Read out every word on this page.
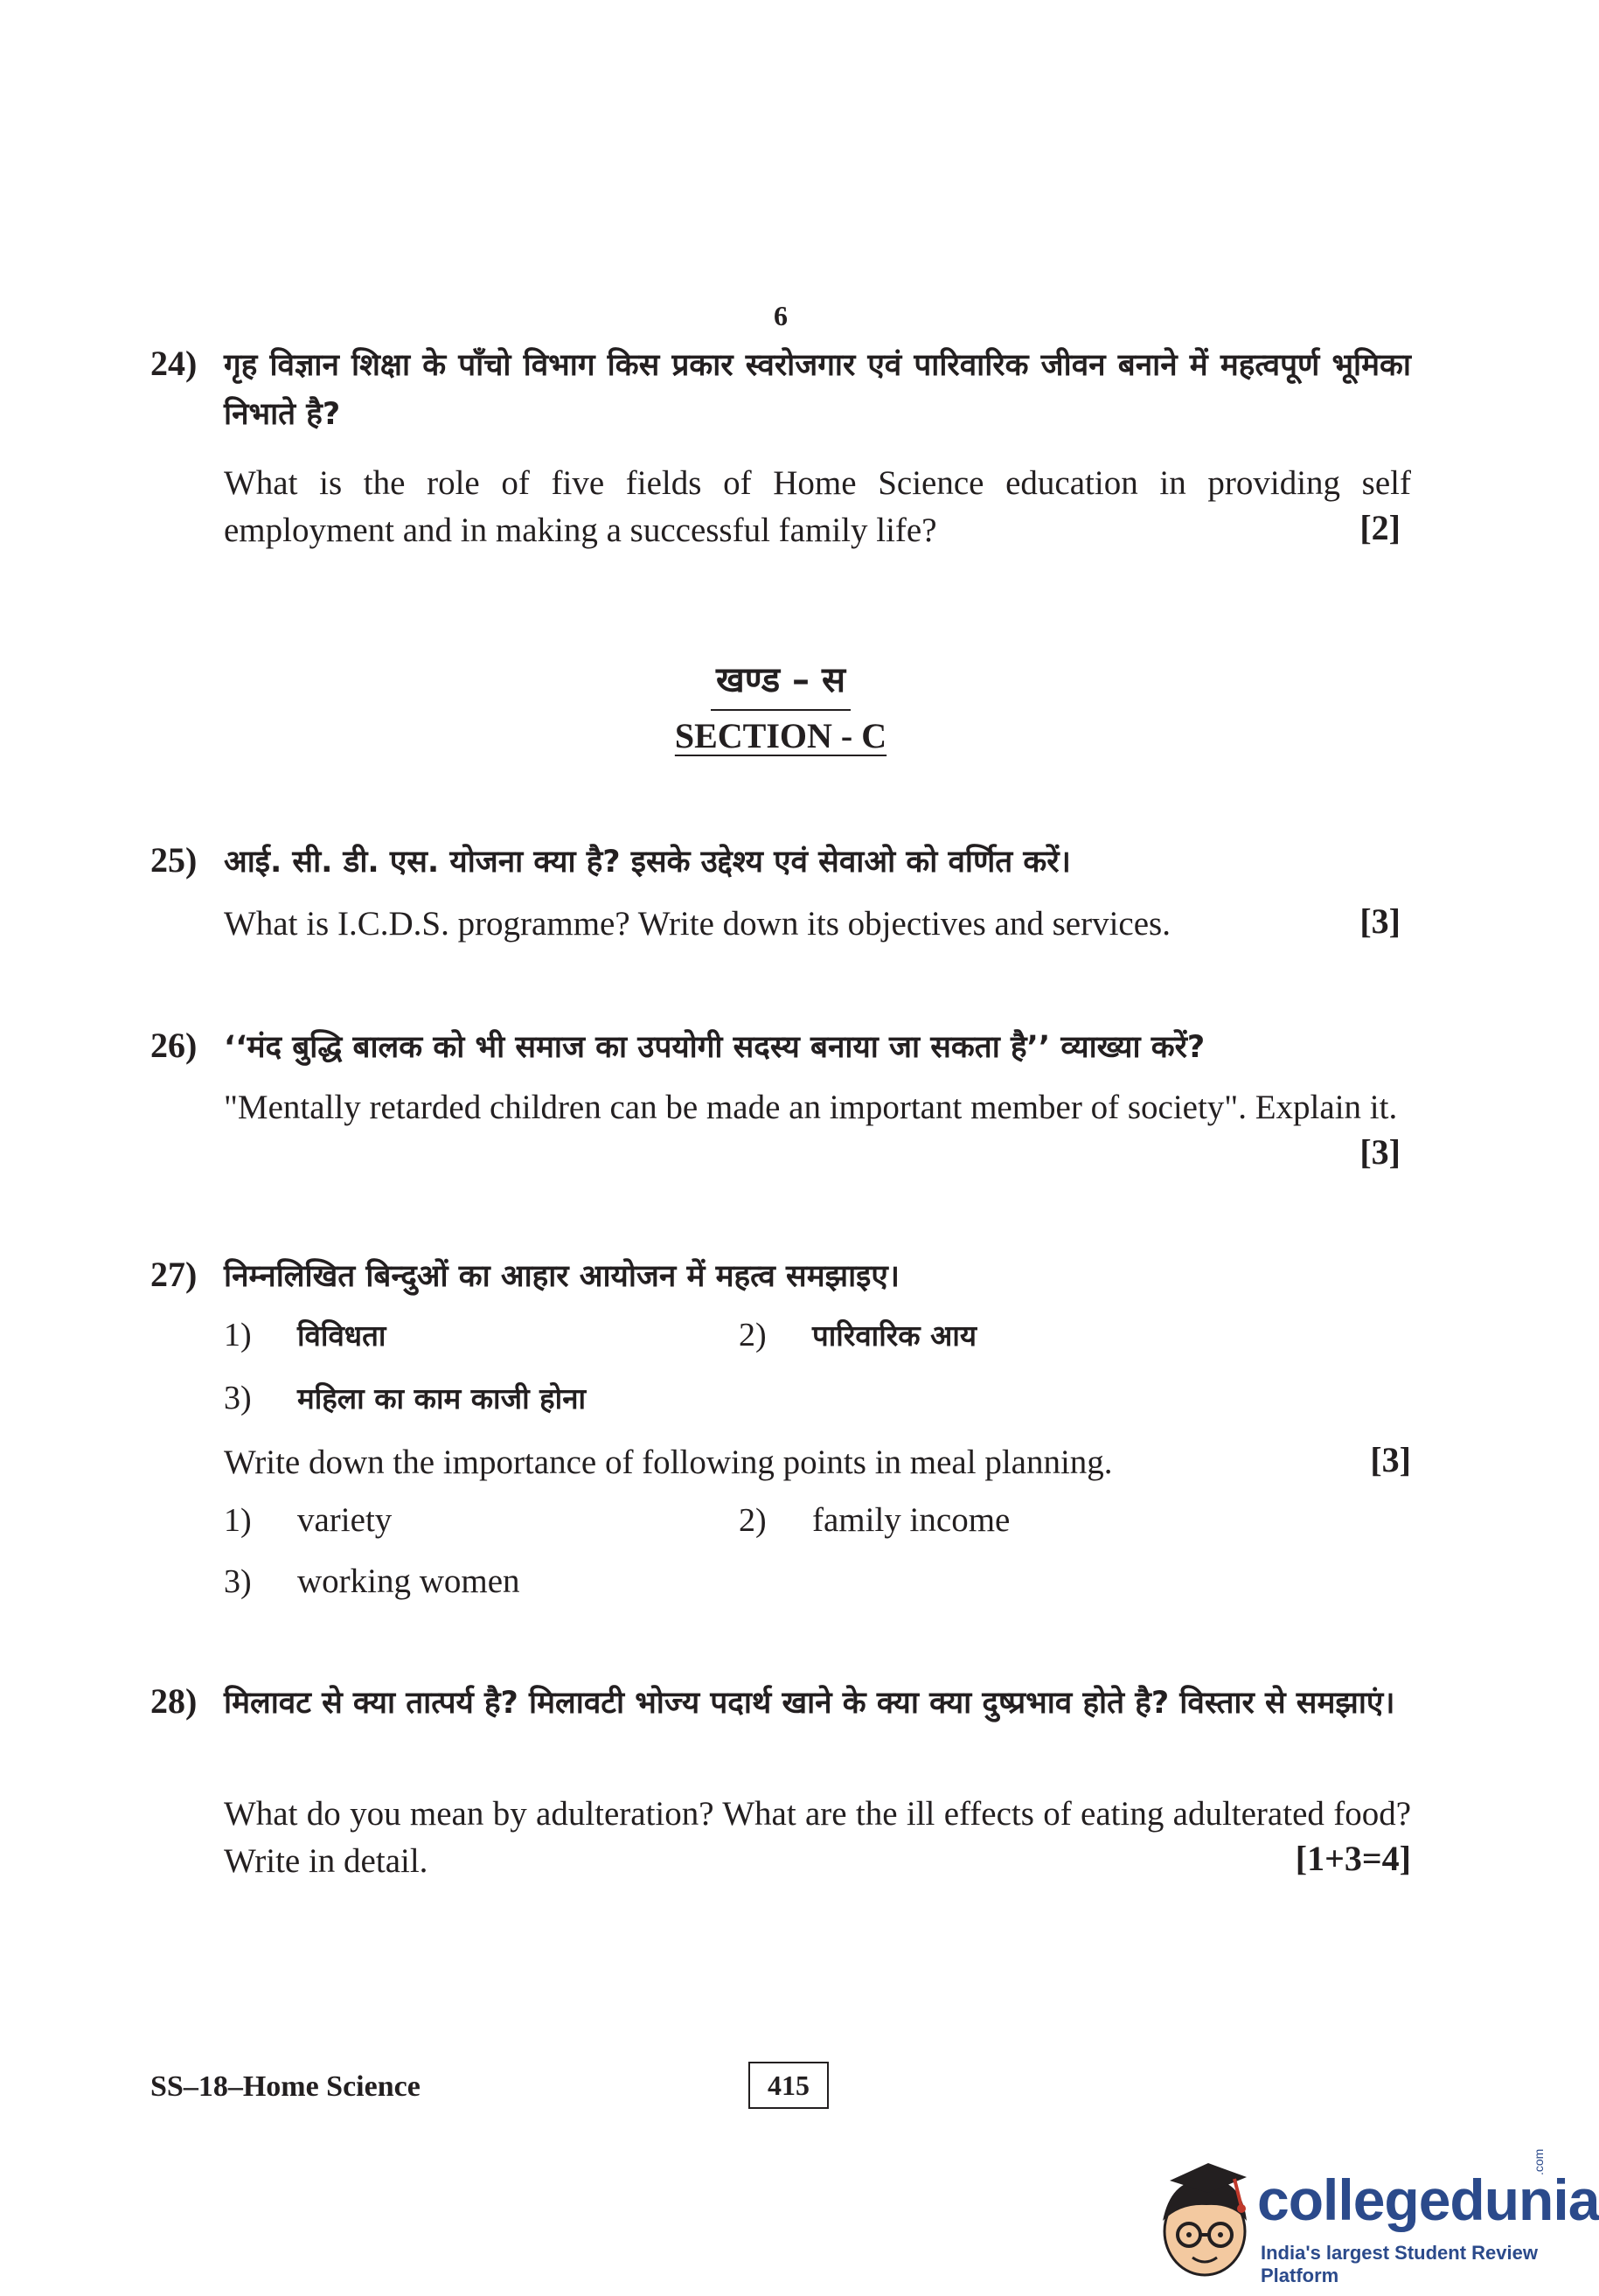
6
24) गृह विज्ञान शिक्षा के पाँचो विभाग किस प्रकार स्वरोजगार एवं पारिवारिक जीवन बनाने में महत्वपूर्ण भूमिका निभाते है?
What is the role of five fields of Home Science education in providing self employment and in making a successful family life?	[2]
खण्ड – स
SECTION - C
25) आई. सी. डी. एस. योजना क्या है? इसके उद्देश्य एवं सेवाओ को वर्णित करें।
What is I.C.D.S. programme? Write down its objectives and services.	[3]
26) ‘‘मंद बुद्धि बालक को भी समाज का उपयोगी सदस्य बनाया जा सकता है’’ व्याख्या करें?
"Mentally retarded children can be made an important member of society". Explain it.
[3]
27) निम्नलिखित बिन्दुओं का आहार आयोजन में महत्व समझाइए।
1) विविधता	2) पारिवारिक आय
3) महिला का काम काजी होना
Write down the importance of following points in meal planning.	[3]
1) variety	2) family income
3) working women
28) मिलावट से क्या तात्पर्य है? मिलावटी भोज्य पदार्थ खाने के क्या क्या दुष्प्रभाव होते है? विस्तार से समझाएं।
What do you mean by adulteration? What are the ill effects of eating adulterated food? Write in detail.	[1+3=4]
SS–18–Home Science	415
collegedunia
.com
India's largest Student Review Platform
